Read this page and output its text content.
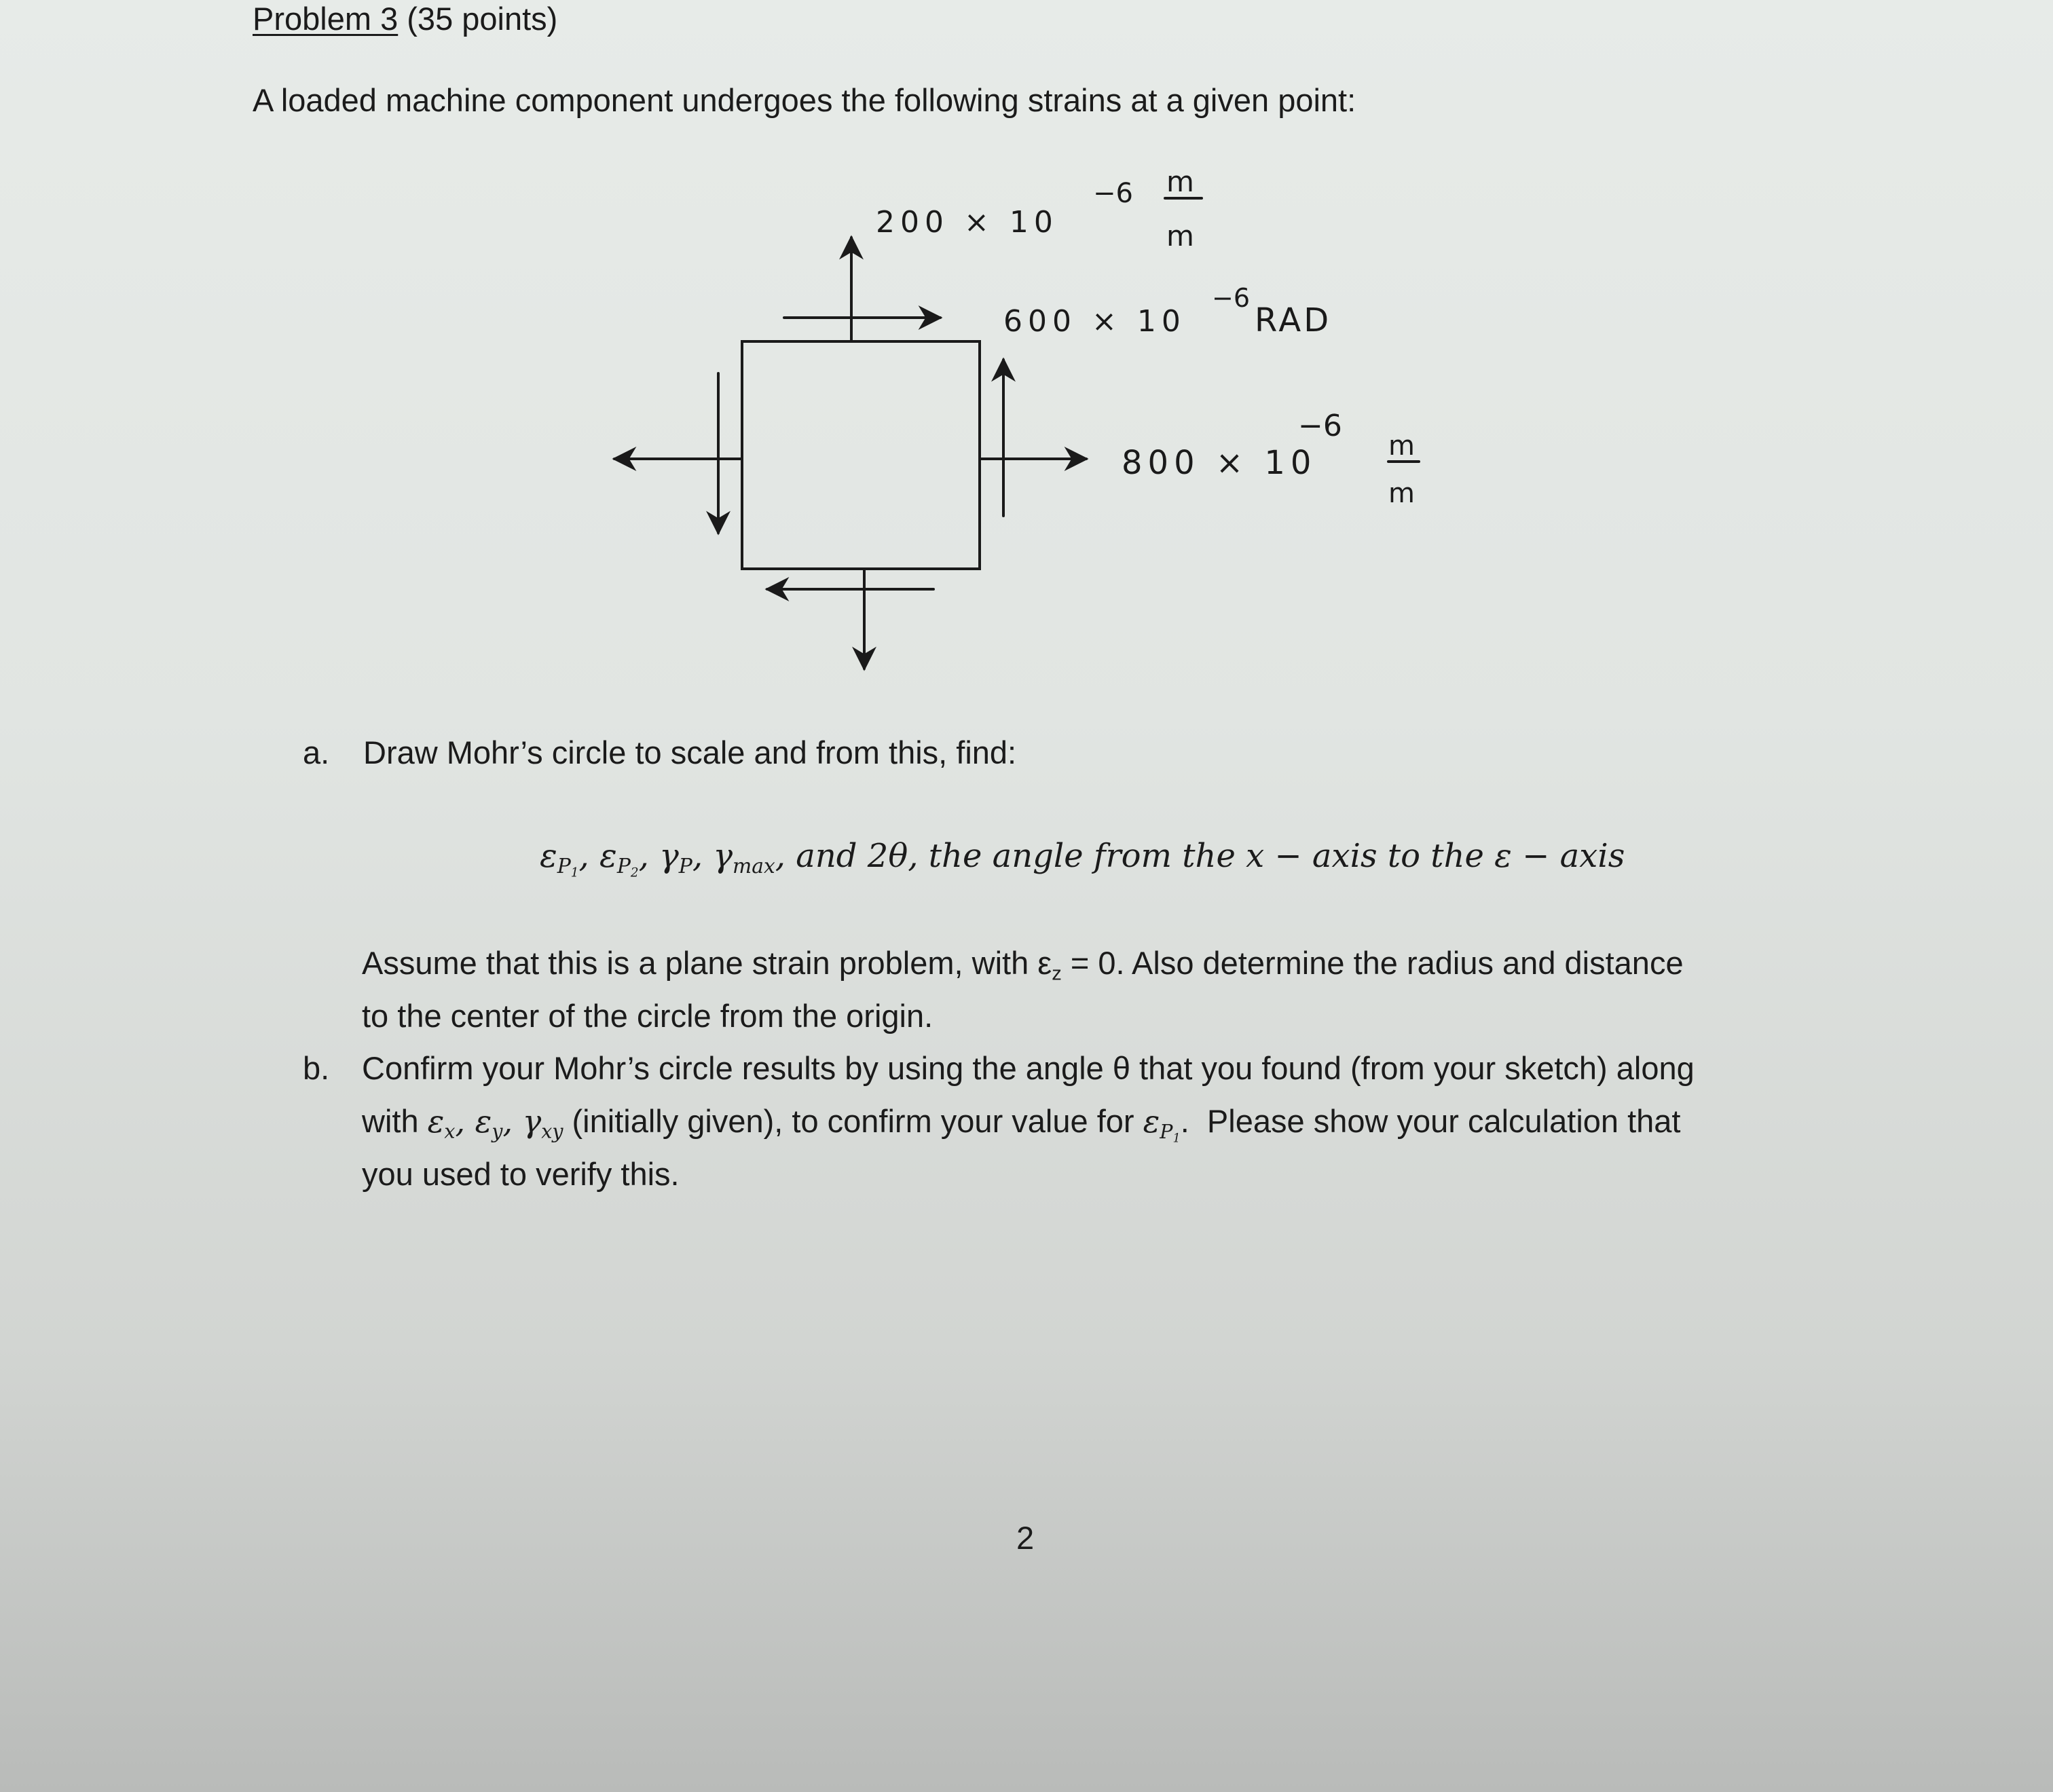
Problem 3 (35 points)
A loaded machine component undergoes the following strains at a given point:
200 × 10
−6 m
m
600 × 10
−6
RAD
800 × 10
−6
m
m
a. Draw Mohr’s circle to scale and from this, find:
$\varepsilon_{P_1}$, $\varepsilon_{P_2}$, $\gamma_P$, $\gamma_{max}$, and 2θ, the angle from the x − axis to the ε − axis
Assume that this is a plane strain problem, with $\varepsilon_z = 0$. Also determine the radius and distance
to the center of the circle from the origin.
b. Confirm your Mohr’s circle results by using the angle θ that you found (from your sketch) along
with $\varepsilon_x$, $\varepsilon_y$, $\gamma_{xy}$ (initially given), to confirm your value for $\varepsilon_{P_1}$.  Please show your calculation that
you used to verify this.
2
